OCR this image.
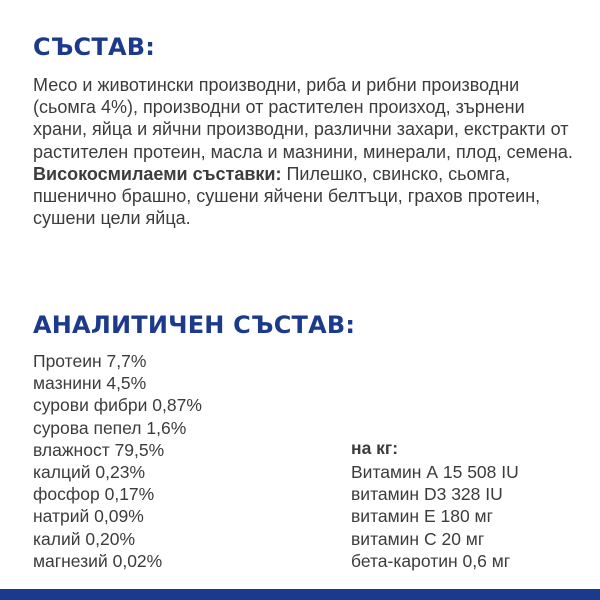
СЪСТАВ:
Месо и животински производни, риба и рибни производни (сьомга 4%), производни от растителен произход, зърнени храни, яйца и яйчни производни, различни захари, екстракти от растителен протеин, масла и мазнини, минерали, плод, семена. Високосмилаеми съставки: Пилешко, свинско, сьомга, пшенично брашно, сушени яйчени белтъци, грахов протеин, сушени цели яйца.
АНАЛИТИЧЕН СЪСТАВ:
Протеин 7,7%
мазнини 4,5%
сурови фибри 0,87%
сурова пепел 1,6%
влажност 79,5%
калций 0,23%
фосфор 0,17%
натрий 0,09%
калий 0,20%
магнезий 0,02%
на кг:
Витамин А 15 508 IU
витамин D3 328 IU
витамин Е 180 мг
витамин С 20 мг
бета-каротин 0,6 мг
